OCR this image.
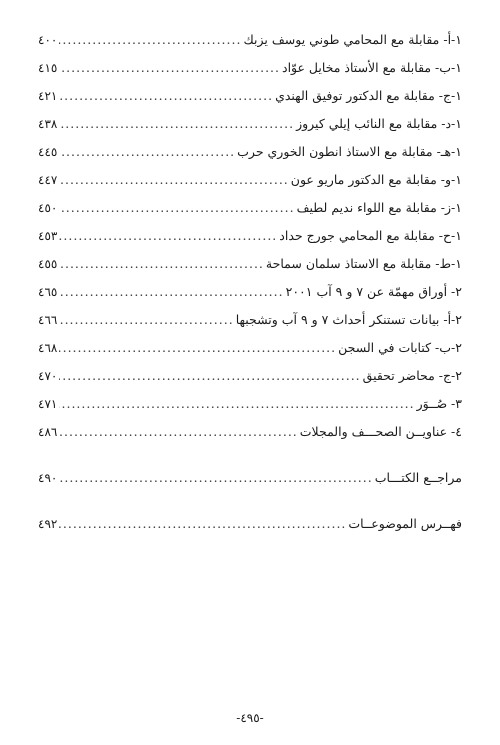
١-أ- مقابلة مع المحامي طوني يوسف يزبك
.....
٤٠٠
١-ب- مقابلة مع الأستاذ مخايل عوّاد
.....
٤١٥
١-ج- مقابلة مع الدكتور توفيق الهندي
.....
٤٢١
١-د- مقابلة مع النائب إيلي كيروز
.....
٤٣٨
١-هـ- مقابلة مع الاستاذ انطون الخوري حرب
.....
٤٤٥
١-و- مقابلة مع الدكتور ماريو عون
.....
٤٤٧
١-ز- مقابلة مع اللواء نديم لطيف
.....
٤٥٠
١-ح- مقابلة مع المحامي جورج حداد
.....
٤٥٣
١-ط- مقابلة مع الاستاذ سلمان سماحة
.....
٤٥٥
٢- أوراق مهمّة عن ٧ و ٩ آب ٢٠٠١
.....
٤٦٥
٢-أ- بيانات تستنكر أحداث ٧ و ٩ آب وتشجبها
.....
٤٦٦
٢-ب- كتابات في السجن
.....
٤٦٨
٢-ج- محاضر تحقيق
.....
٤٧٠
٣- صُــوَر
.....
٤٧١
٤- عناويــن الصحـــف والمجلات
.....
٤٨٦
مراجــع الكتـــاب
.....
٤٩٠
فهــرس الموضوعــات
.....
٤٩٢
-٤٩٥-
